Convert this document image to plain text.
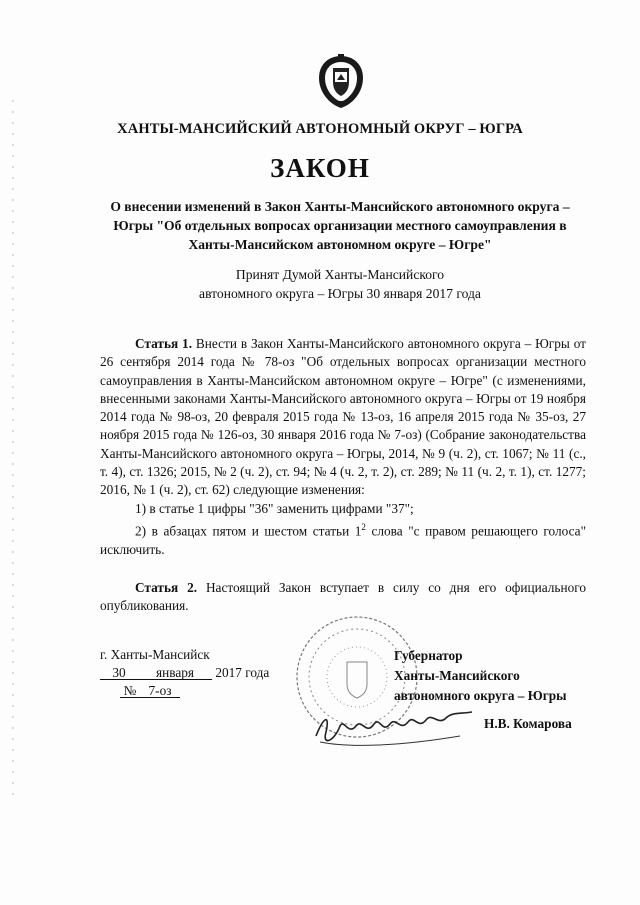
ХАНТЫ-МАНСИЙСКИЙ АВТОНОМНЫЙ ОКРУГ – ЮГРА
ЗАКОН
О внесении изменений в Закон Ханты-Мансийского автономного округа – Югры "Об отдельных вопросах организации местного самоуправления в Ханты-Мансийском автономном округе – Югре"
Принят Думой Ханты-Мансийского
автономного округа – Югры 30 января 2017 года

Статья 1. Внести в Закон Ханты-Мансийского автономного округа – Югры от 26 сентября 2014 года № 78-оз "Об отдельных вопросах организации местного самоуправления в Ханты-Мансийском автономном округе – Югре" (с изменениями, внесенными законами Ханты-Мансийского автономного округа – Югры от 19 ноября 2014 года № 98-оз, 20 февраля 2015 года № 13-оз, 16 апреля 2015 года № 35-оз, 27 ноября 2015 года № 126-оз, 30 января 2016 года № 7-оз) (Собрание законодательства Ханты-Мансийского автономного округа – Югры, 2014, № 9 (ч. 2), ст. 1067; № 11 (с., т. 4), ст. 1326; 2015, № 2 (ч. 2), ст. 94; № 4 (ч. 2, т. 2), ст. 289; № 11 (ч. 2, т. 1), ст. 1277; 2016, № 1 (ч. 2), ст. 62) следующие изменения:

1) в статье 1 цифры "36" заменить цифрами "37";

2) в абзацах пятом и шестом статьи $1^2$ слова "с правом решающего голоса" исключить.

Статья 2. Настоящий Закон вступает в силу со дня его официального опубликования.

г. Ханты-Мансийск
30 января 2017 года
№ 7-оз
Губернатор
Ханты-Мансийского
автономного округа – Югры
Н.В. Комарова
